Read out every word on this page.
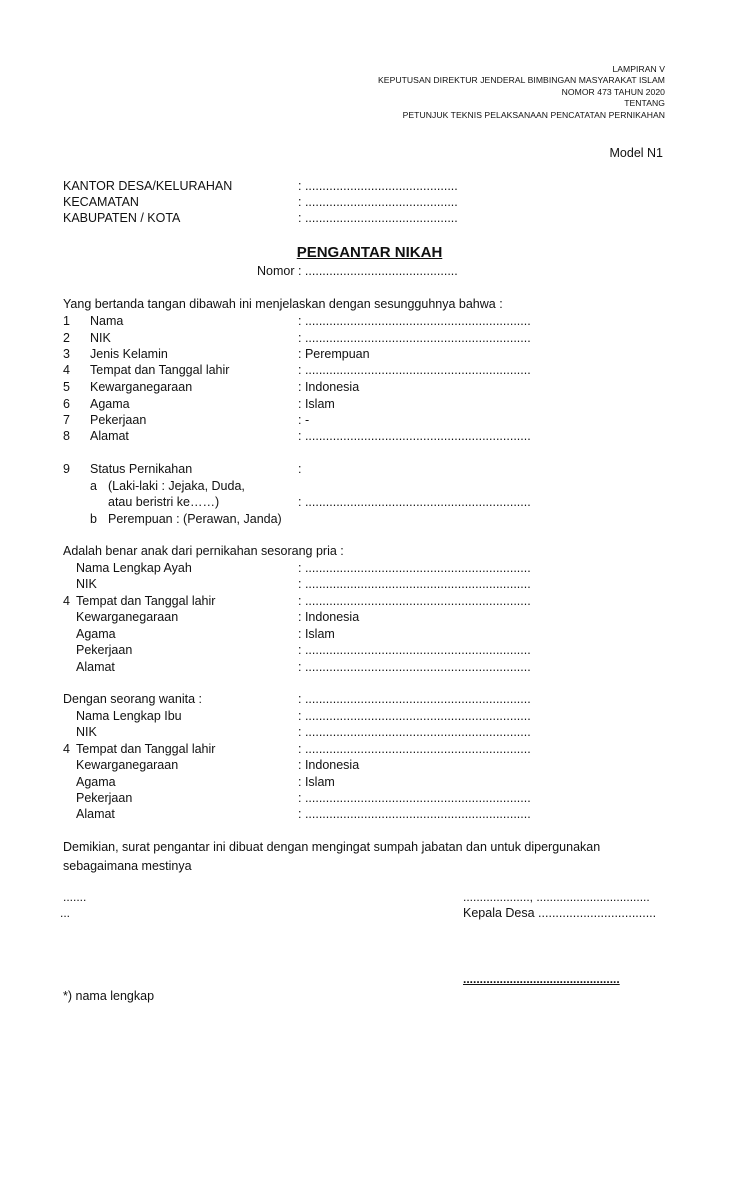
LAMPIRAN V
KEPUTUSAN DIREKTUR JENDERAL BIMBINGAN MASYARAKAT ISLAM
NOMOR 473 TAHUN 2020
TENTANG
PETUNJUK TEKNIS PELAKSANAAN PENCATATAN PERNIKAHAN
Model N1
KANTOR DESA/KELURAHAN	: ............................................
KECAMATAN	: ............................................
KABUPATEN / KOTA	: ............................................
PENGANTAR NIKAH
Nomor : ............................................
Yang bertanda tangan dibawah ini menjelaskan dengan sesungguhnya bahwa :
1 Nama	: .................................................................
2 NIK	: .................................................................
3 Jenis Kelamin	: Perempuan
4 Tempat dan Tanggal lahir	: .................................................................
5 Kewarganegaraan	: Indonesia
6 Agama	: Islam
7 Pekerjaan	: -
8 Alamat	: .................................................................
9 Status Pernikahan	:
a (Laki-laki : Jejaka, Duda,
atau beristri ke……)	: .................................................................
b Perempuan : (Perawan, Janda)
Adalah benar anak dari pernikahan sesorang pria :
Nama Lengkap Ayah	: .................................................................
NIK	: .................................................................
4 Tempat dan Tanggal lahir	: .................................................................
Kewarganegaraan	: Indonesia
Agama	: Islam
Pekerjaan	: .................................................................
Alamat	: .................................................................
Dengan seorang wanita :	: .................................................................
Nama Lengkap Ibu	: .................................................................
NIK	: .................................................................
4 Tempat dan Tanggal lahir	: .................................................................
Kewarganegaraan	: Indonesia
Agama	: Islam
Pekerjaan	: .................................................................
Alamat	: .................................................................
Demikian, surat pengantar ini dibuat dengan mengingat sumpah jabatan dan untuk dipergunakan sebagaimana mestinya
.......
...
...................., ..................................
Kepala Desa ..................................
...............................................
*) nama lengkap
